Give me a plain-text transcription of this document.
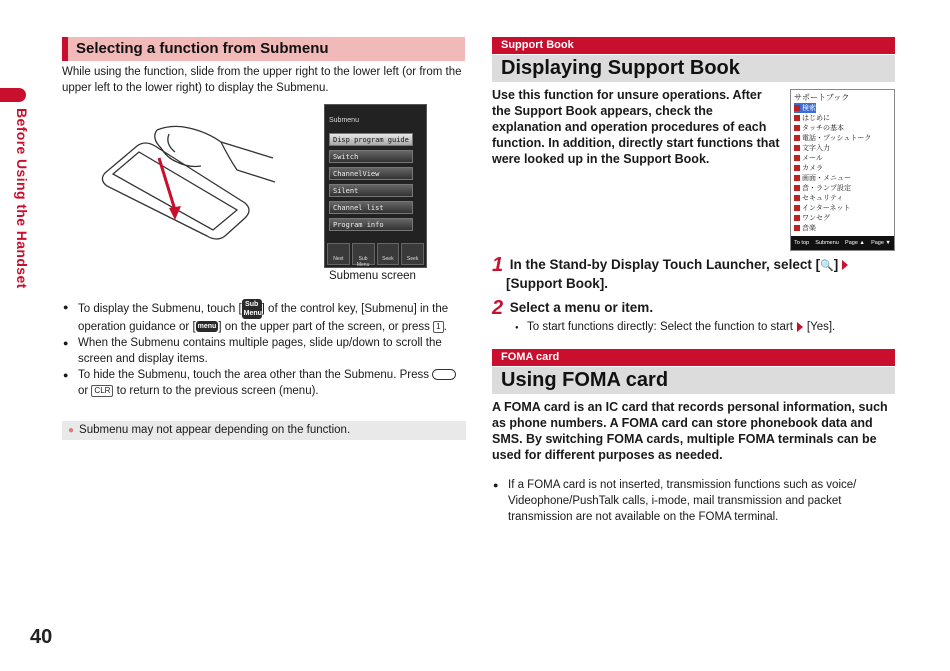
Before Using the Handset
40
Selecting a function from Submenu
While using the function, slide from the upper right to the lower left (or from the upper left to the lower right) to display the Submenu.
Submenu
Disp program guide
Switch
ChannelView
Silent
Channel list
Program info
Next	Sub Menu
Seek	Seek
Submenu screen
● To display the Submenu, touch [ Sub Menu] of the control key, [Submenu] in the operation guidance or [ menu ] on the upper part of the screen, or press 1 .
● When the Submenu contains multiple pages, slide up/down to scroll the screen and display items.
● To hide the Submenu, touch the area other than the Submenu. Press  or CLR to return to the previous screen (menu).
● Submenu may not appear depending on the function.
Support Book
Displaying Support Book
Use this function for unsure operations. After the Support Book appears, check the explanation and operation procedures of each function. In addition, directly start functions that were looked up in the Support Book.
サポートブック
検索
はじめに
タッチの基本
電話・プッシュトーク
文字入力
メール
カメラ
画面・メニュー
音・ランプ設定
セキュリティ
インターネット
ワンセグ
音楽
To top Submenu Page ▲ Page ▼
1 In the Stand-by Display Touch Launcher, select [🔍]
[Support Book].
2 Select a menu or item.
● To start functions directly: Select the function to start [Yes].
FOMA card
Using FOMA card
A FOMA card is an IC card that records personal information, such as phone numbers. A FOMA card can store phonebook data and SMS. By switching FOMA cards, multiple FOMA terminals can be used for different purposes as needed.
● If a FOMA card is not inserted, transmission functions such as voice/ Videophone/PushTalk calls, i-mode, mail transmission and packet transmission are not available on the FOMA terminal.
